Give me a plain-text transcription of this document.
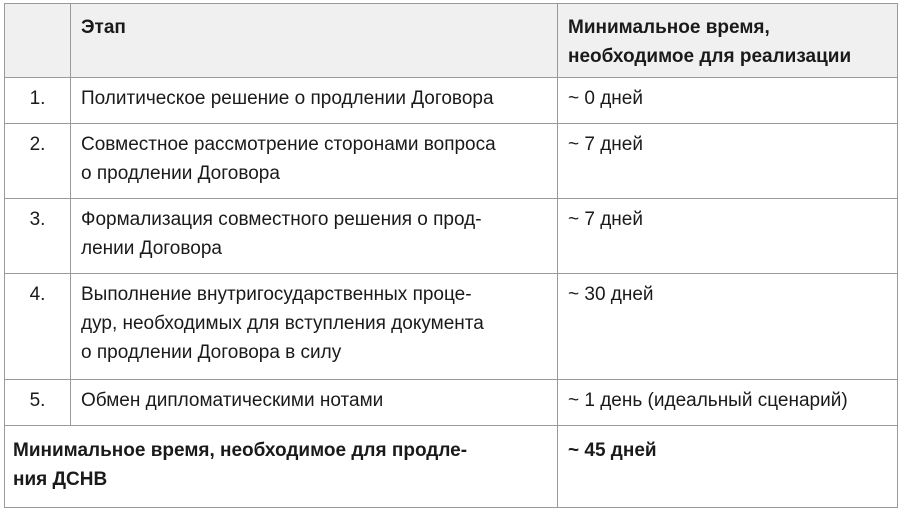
	Этап	Минимальное время,
необходимое для реализации

1.	Политическое решение о продлении Договора	~ 0 дней
2.	Совместное рассмотрение сторонами вопроса
о продлении Договора	~ 7 дней
3.	Формализация совместного решения о прод-
лении Договора	~ 7 дней
4.	Выполнение внутригосударственных проце-
дур, необходимых для вступления документа
о продлении Договора в силу	~ 30 дней
5.	Обмен дипломатическими нотами	~ 1 день (идеальный сценарий)

Минимальное время, необходимое для продле-
ния ДСНВ		~ 45 дней
